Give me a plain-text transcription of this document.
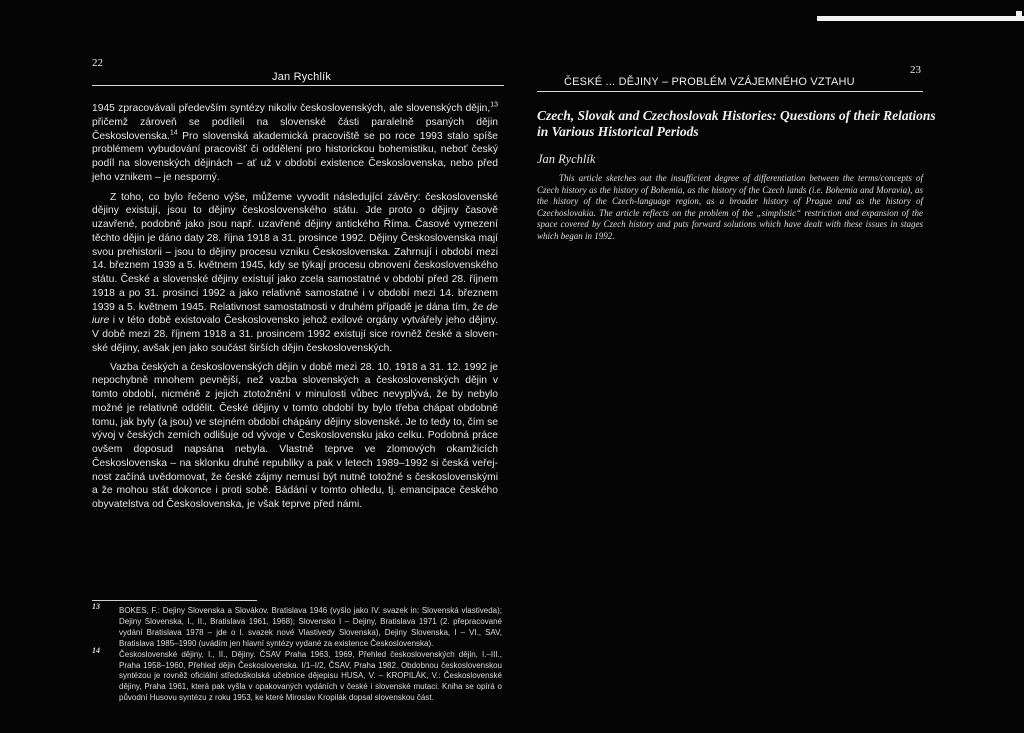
22
Jan Rychlík
23
ČESKÉ ... DĚJINY – PROBLÉM VZÁJEMNÉHO VZTAHU

1945 zpracovávali především syntézy nikoliv československých, ale slovenských dějin,$^{13}$ přičemž zároveň se podíleli na slovenské části paralelně psaných dějin Československa.$^{14}$ Pro slovenská akademická pracoviště se po roce 1993 stalo spíše problémem vybudování pracovišť či oddělení pro historickou bohemistiku, neboť český podíl na slovenských dějinách – ať už v období existence Československa, nebo před jeho vznikem – je nesporný.

Z toho, co bylo řečeno výše, můžeme vyvodit následující závěry: československé dějiny existují, jsou to dějiny československého státu. Jde proto o dějiny časově uzavřené, podobně jako jsou např. uzavřené dějiny antického Říma. Časové vymezení těchto dějin je dáno daty 28. října 1918 a 31. prosince 1992. Dějiny Československa mají svou prehistorii – jsou to dějiny procesu vzniku Československa. Zahrnují i období mezi 14. březnem 1939 a 5. květnem 1945, kdy se týkají procesu obnovení československého státu. České a slovenské dějiny existují jako zcela samostatné v období před 28. říjnem 1918 a po 31. prosinci 1992 a jako relativně samostatné i v období mezi 14. březnem 1939 a 5. květnem 1945. Relativnost samostatnosti v druhém případě je dána tím, že de iure i v této době existovalo Československo jehož exilové orgány vytvářely jeho dějiny. V době mezi 28. říjnem 1918 a 31. prosincem 1992 existují sice rovněž české a slovenské dějiny, avšak jen jako součást širších dějin československých.

Vazba českých a československých dějin v době mezi 28. 10. 1918 a 31. 12. 1992 je nepochybně mnohem pevnější, než vazba slovenských a československých dějin v tomto období, nicméně z jejich ztotožnění v minulosti vůbec nevyplývá, že by nebylo možné je relativně oddělit. České dějiny v tomto období by bylo třeba chápat obdobně tomu, jak byly (a jsou) ve stejném období chápány dějiny slovenské. Je to tedy to, čím se vývoj v českých zemích odlišuje od vývoje v Československu jako celku. Podobná práce ovšem doposud napsána nebyla. Vlastně teprve ve zlomových okamžicích Československa – na sklonku druhé republiky a pak v letech 1989–1992 si česká veřejnost začíná uvědomovat, že české zájmy nemusí být nutně totožné s československými a že mohou stát dokonce i proti sobě. Bádání v tomto ohledu, tj. emancipace českého obyvatelstva od Československa, je však teprve před námi.

Czech, Slovak and Czechoslovak Histories: Questions of their Relations in Various Historical Periods
Jan Rychlík

This article sketches out the insufficient degree of differentiation between the terms/concepts of Czech history as the history of Bohemia, as the history of the Czech lands (i.e. Bohemia and Moravia), as the history of the Czech-language region, as a broader history of Prague and as the history of Czechoslovakia. The article reflects on the problem of the „simplistic“ restriction and expansion of the space covered by Czech history and puts forward solutions which have dealt with these issues in stages which began in 1992.

13 BOKES, F.: Dejiny Slovenska a Slovákov. Bratislava 1946 (vyšlo jako IV. svazek in: Slovenská vlastiveda); Dejiny Slovenska, I., II., Bratislava 1961, 1968); Slovensko I – Dejiny, Bratislava 1971 (2. přepracované vydání Bratislava 1978 – jde o I. svazek nové Vlastivedy Slovenska), Dejiny Slovenska, I – VI., SAV, Bratislava 1985–1990 (uvádím jen hlavní syntézy vydané za existence Československa).

14 Československé dějiny, I., II., Dějiny. ČSAV Praha 1963, 1969, Přehled československých dějin, I.–III., Praha 1958–1960, Přehled dějin Československa. I/1–I/2, ČSAV, Praha 1982. Obdobnou československou syntézou je rovněž oficiální středoškolská učebnice dějepisu HUSA, V. – KROPILÁK, V.: Československé dějiny, Praha 1961, která pak vyšla v opakovaných vydáních v české i slovenské mutaci. Kniha se opírá o původní Husovu syntézu z roku 1953, ke které Miroslav Kropilák dopsal slovenskou část.
